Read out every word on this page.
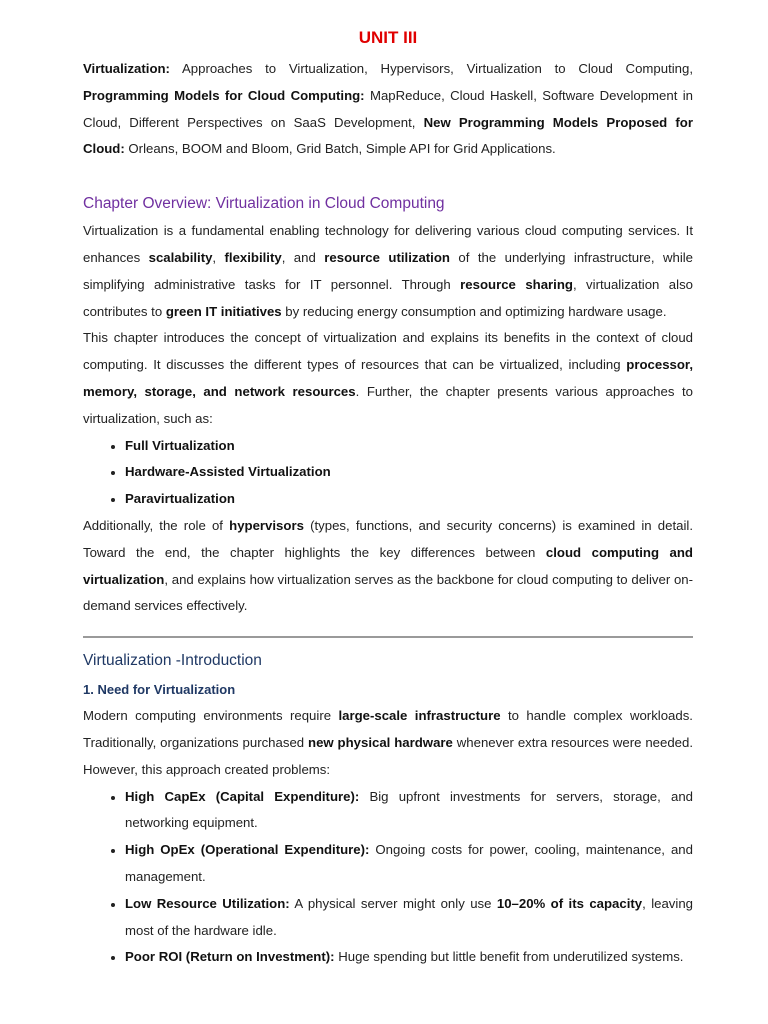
UNIT III

Virtualization: Approaches to Virtualization, Hypervisors, Virtualization to Cloud Computing, Programming Models for Cloud Computing: MapReduce, Cloud Haskell, Software Development in Cloud, Different Perspectives on SaaS Development, New Programming Models Proposed for Cloud: Orleans, BOOM and Bloom, Grid Batch, Simple API for Grid Applications.

Chapter Overview: Virtualization in Cloud Computing

Virtualization is a fundamental enabling technology for delivering various cloud computing services. It enhances scalability, flexibility, and resource utilization of the underlying infrastructure, while simplifying administrative tasks for IT personnel. Through resource sharing, virtualization also contributes to green IT initiatives by reducing energy consumption and optimizing hardware usage.

This chapter introduces the concept of virtualization and explains its benefits in the context of cloud computing. It discusses the different types of resources that can be virtualized, including processor, memory, storage, and network resources. Further, the chapter presents various approaches to virtualization, such as:

• Full Virtualization
• Hardware-Assisted Virtualization
• Paravirtualization

Additionally, the role of hypervisors (types, functions, and security concerns) is examined in detail. Toward the end, the chapter highlights the key differences between cloud computing and virtualization, and explains how virtualization serves as the backbone for cloud computing to deliver on-demand services effectively.

Virtualization -Introduction
1. Need for Virtualization

Modern computing environments require large-scale infrastructure to handle complex workloads. Traditionally, organizations purchased new physical hardware whenever extra resources were needed. However, this approach created problems:

• High CapEx (Capital Expenditure): Big upfront investments for servers, storage, and networking equipment.
• High OpEx (Operational Expenditure): Ongoing costs for power, cooling, maintenance, and management.
• Low Resource Utilization: A physical server might only use 10–20% of its capacity, leaving most of the hardware idle.
• Poor ROI (Return on Investment): Huge spending but little benefit from underutilized systems.
